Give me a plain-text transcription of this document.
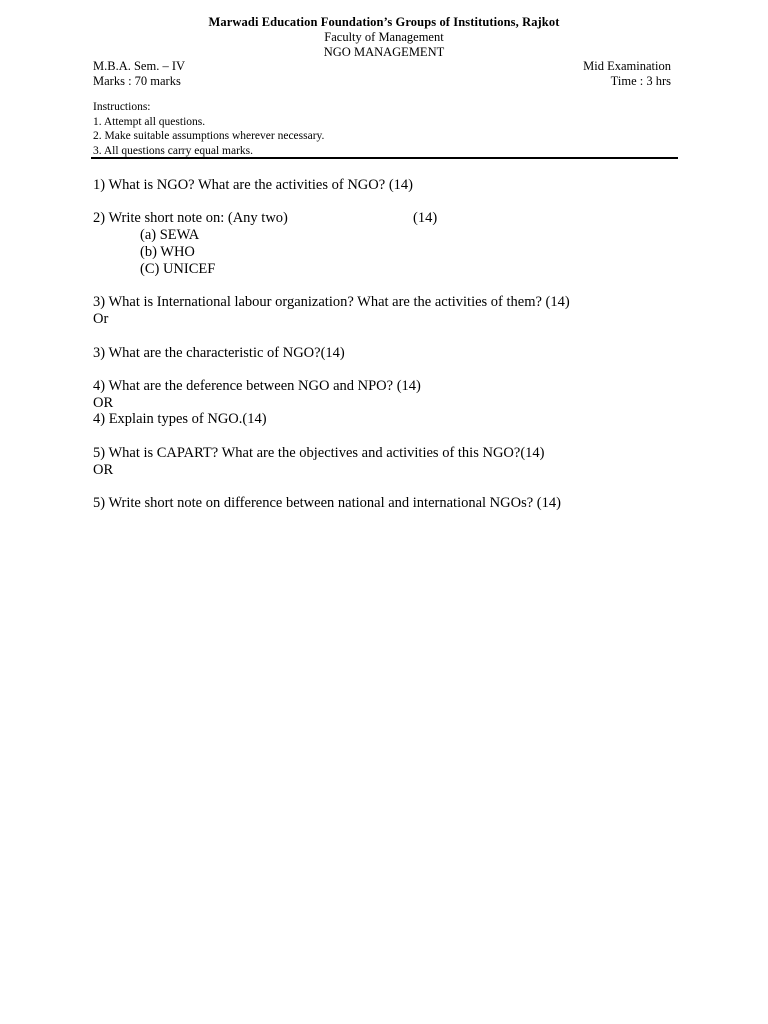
Marwadi Education Foundation’s Groups of Institutions, Rajkot
Faculty of Management
NGO MANAGEMENT
M.B.A. Sem. – IV	Mid Examination
Marks : 70 marks	Time : 3 hrs
Instructions:
1. Attempt all questions.
2. Make suitable assumptions wherever necessary.
3. All questions carry equal marks.
1) What is NGO? What are the activities of NGO? (14)
2) Write short note on: (Any two)	(14)
(a) SEWA
(b) WHO
(C) UNICEF
3) What is International labour organization? What are the activities of them? (14)
Or
3) What are the characteristic of NGO?(14)
4) What are the deference between NGO and NPO? (14)
OR
4) Explain types of NGO.(14)
5) What is CAPART? What are the objectives and activities of this NGO?(14)
OR
5) Write short note on difference between national and international NGOs? (14)
